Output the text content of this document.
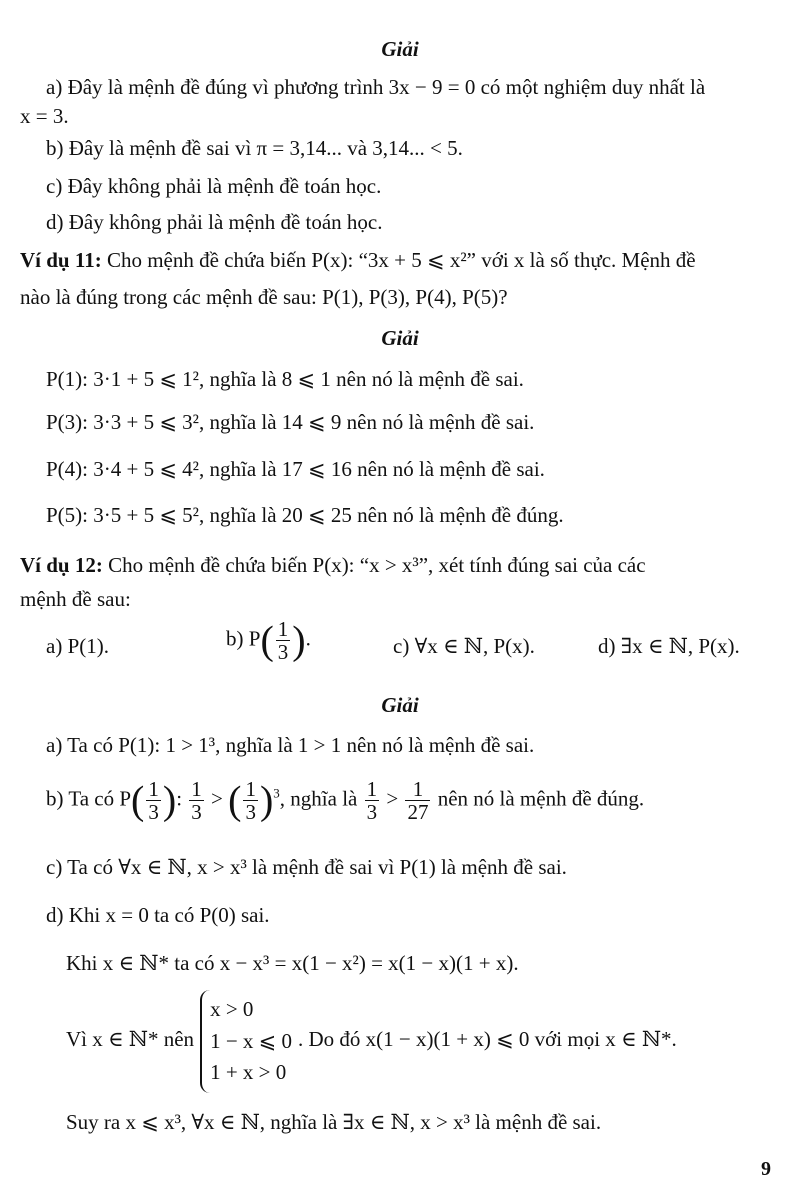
Giải
a) Đây là mệnh đề đúng vì phương trình 3x − 9 = 0 có một nghiệm duy nhất là
x = 3.
b) Đây là mệnh đề sai vì π = 3,14... và 3,14... < 5.
c) Đây không phải là mệnh đề toán học.
d) Đây không phải là mệnh đề toán học.
Ví dụ 11: Cho mệnh đề chứa biến P(x): “3x + 5 ⩽ x²” với x là số thực. Mệnh đề
nào là đúng trong các mệnh đề sau: P(1), P(3), P(4), P(5)?
Giải
P(1): 3·1 + 5 ⩽ 1², nghĩa là 8 ⩽ 1 nên nó là mệnh đề sai.
P(3): 3·3 + 5 ⩽ 3², nghĩa là 14 ⩽ 9 nên nó là mệnh đề sai.
P(4): 3·4 + 5 ⩽ 4², nghĩa là 17 ⩽ 16 nên nó là mệnh đề sai.
P(5): 3·5 + 5 ⩽ 5², nghĩa là 20 ⩽ 25 nên nó là mệnh đề đúng.
Ví dụ 12: Cho mệnh đề chứa biến P(x): “x > x³”, xét tính đúng sai của các
mệnh đề sau:
a) P(1).	b) $P( \frac{1}{3}$ ).	c) ∀x ∈ ℕ, P(x).	d) ∃x ∈ ℕ, P(x).
Giải
a) Ta có P(1): 1 > 1³, nghĩa là 1 > 1 nên nó là mệnh đề sai.
b) Ta có $P( \frac{1}{3}$ ): $\frac{1}{3}$ > ( $\frac{1}{3} )^3$, nghĩa là $\frac{1}{3} > \frac{1}{27}$ nên nó là mệnh đề đúng.
c) Ta có ∀x ∈ ℕ, x > x³ là mệnh đề sai vì P(1) là mệnh đề sai.
d) Khi x = 0 ta có P(0) sai.
Khi x ∈ ℕ* ta có x − x³ = x(1 − x²) = x(1 − x)(1 + x).
Vì x ∈ ℕ* nên
x > 0
1 − x ⩽ 0
1 + x > 0
. Do đó x(1 − x)(1 + x) ⩽ 0 với mọi x ∈ ℕ*.
Suy ra x ⩽ x³, ∀x ∈ ℕ, nghĩa là ∃x ∈ ℕ, x > x³ là mệnh đề sai.
9
